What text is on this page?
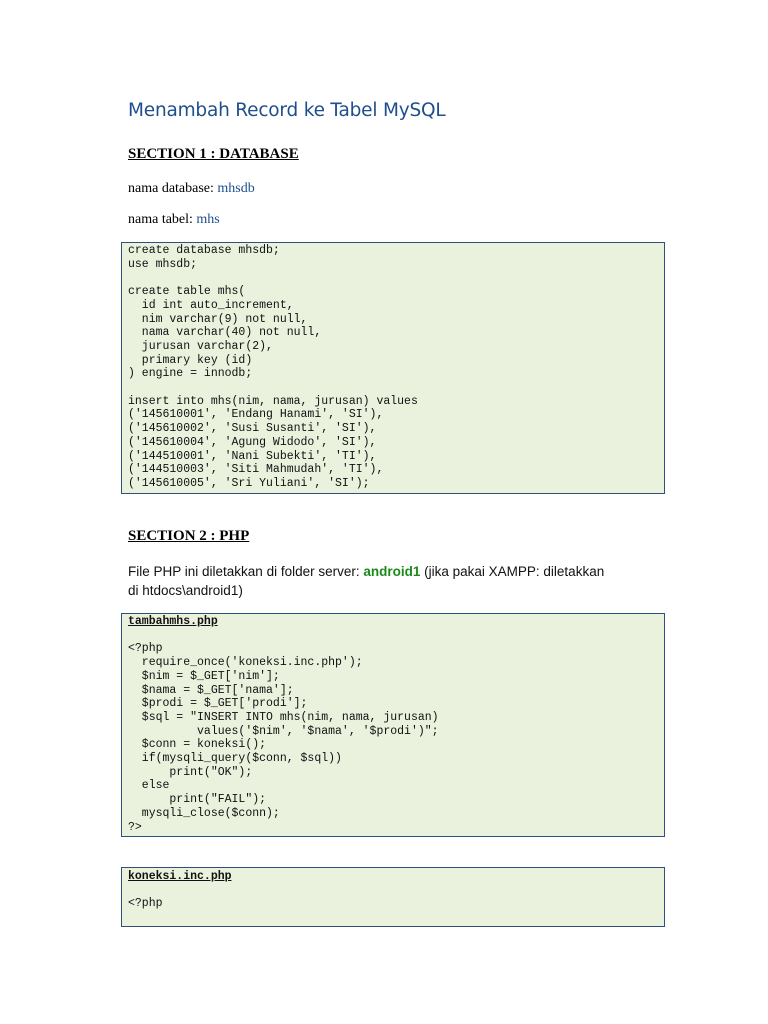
Menambah Record ke Tabel MySQL
SECTION 1 : DATABASE
nama database: mhsdb
nama tabel: mhs
create database mhsdb;
use mhsdb;

create table mhs(
id int auto_increment,
nim varchar(9) not null,
nama varchar(40) not null,
jurusan varchar(2),
primary key (id)
) engine = innodb;

insert into mhs(nim, nama, jurusan) values
('145610001', 'Endang Hanami', 'SI'),
('145610002', 'Susi Susanti', 'SI'),
('145610004', 'Agung Widodo', 'SI'),
('144510001', 'Nani Subekti', 'TI'),
('144510003', 'Siti Mahmudah', 'TI'),
('145610005', 'Sri Yuliani', 'SI');
SECTION 2 : PHP
File PHP ini diletakkan di folder server: android1 (jika pakai XAMPP: diletakkan di htdocs\android1)
tambahmhs.php

<?php
require_once('koneksi.inc.php');
$nim = $_GET['nim'];
$nama = $_GET['nama'];
$prodi = $_GET['prodi'];
$sql = "INSERT INTO mhs(nim, nama, jurusan)
values('$nim', '$nama', '$prodi')";
$conn = koneksi();
if(mysqli_query($conn, $sql))
print("OK");
else
print("FAIL");
mysqli_close($conn);
?>
koneksi.inc.php

<?php
